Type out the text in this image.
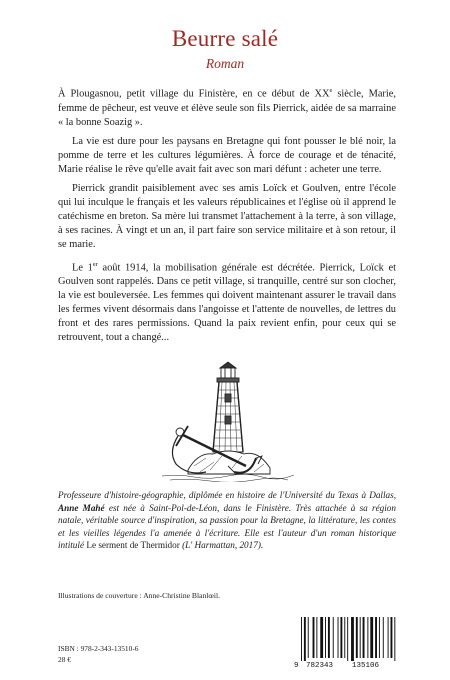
Beurre salé
Roman

À Plougasnou, petit village du Finistère, en ce début de XXe siècle, Marie, femme de pêcheur, est veuve et élève seule son fils Pierrick, aidée de sa marraine « la bonne Soazig ».

La vie est dure pour les paysans en Bretagne qui font pousser le blé noir, la pomme de terre et les cultures légumières. À force de courage et de ténacité, Marie réalise le rêve qu'elle avait fait avec son mari défunt : acheter une terre.

Pierrick grandit paisiblement avec ses amis Loïck et Goulven, entre l'école qui lui inculque le français et les valeurs républicaines et l'église où il apprend le catéchisme en breton. Sa mère lui transmet l'attachement à la terre, à son village, à ses racines. À vingt et un an, il part faire son service militaire et à son retour, il se marie.

Le 1er août 1914, la mobilisation générale est décrétée. Pierrick, Loïck et Goulven sont rappelés. Dans ce petit village, si tranquille, centré sur son clocher, la vie est bouleversée. Les femmes qui doivent maintenant assurer le travail dans les fermes vivent désormais dans l'angoisse et l'attente de nouvelles, de lettres du front et des rares permissions. Quand la paix revient enfin, pour ceux qui se retrouvent, tout a changé...

Professeure d'histoire-géographie, diplômée en histoire de l'Université du Texas à Dallas, Anne Mahé est née à Saint-Pol-de-Léon, dans le Finistère. Très attachée à sa région natale, véritable source d'inspiration, sa passion pour la Bretagne, la littérature, les contes et les vieilles légendes l'a amenée à l'écriture. Elle est l'auteur d'un roman historique intitulé Le serment de Thermidor (L' Harmattan, 2017).
Illustrations de couverture : Anne-Christine Blanlœil.
ISBN : 978-2-343-13510-6
28 €
9 782343	135106
